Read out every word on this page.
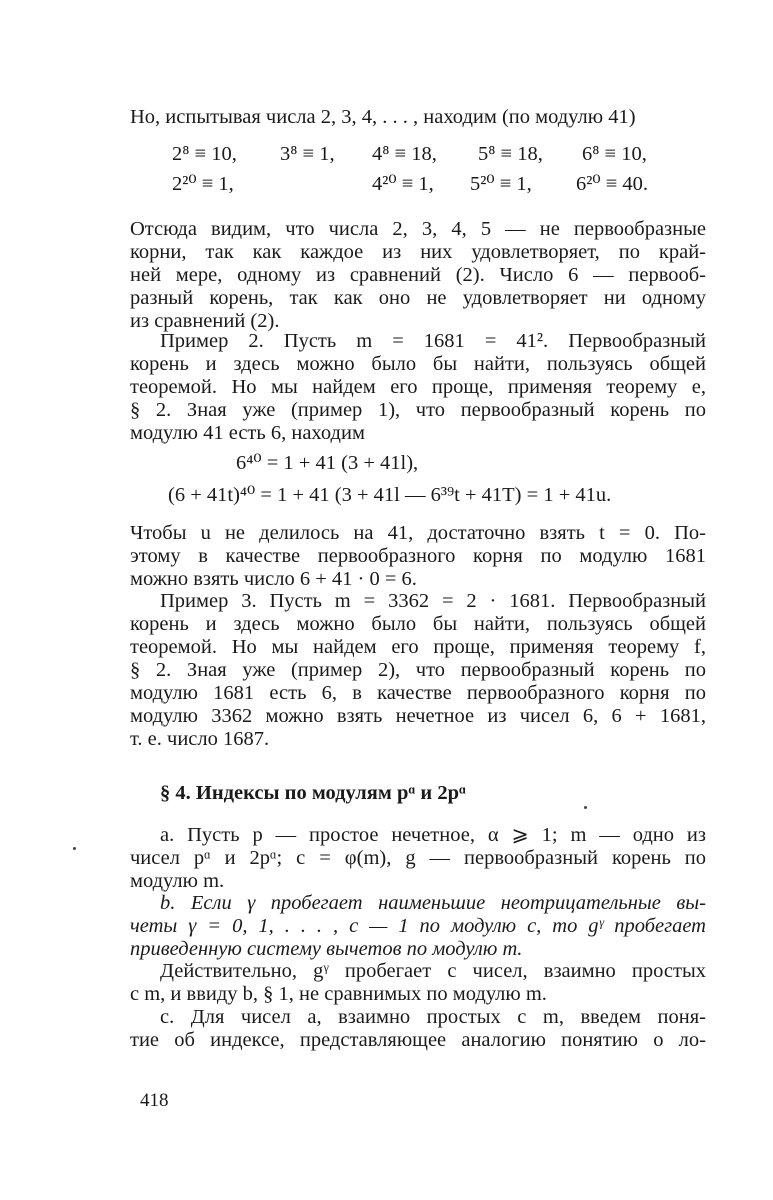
Но, испытывая числа 2, 3, 4, . . . , находим (по модулю 41)
2⁸ ≡ 10, 3⁸ ≡ 1, 4⁸ ≡ 18, 5⁸ ≡ 18, 6⁸ ≡ 10,
2²⁰ ≡ 1,	4²⁰ ≡ 1, 5²⁰ ≡ 1, 6²⁰ ≡ 40.
Отсюда видим, что числа 2, 3, 4, 5 — не первообразные
корни, так как каждое из них удовлетворяет, по край-
ней мере, одному из сравнений (2). Число 6 — первооб-
разный корень, так как оно не удовлетворяет ни одному
из сравнений (2).
Пример 2. Пусть m = 1681 = 41². Первообразный
корень и здесь можно было бы найти, пользуясь общей
теоремой. Но мы найдем его проще, применяя теорему e,
§ 2. Зная уже (пример 1), что первообразный корень по
модулю 41 есть 6, находим
6⁴⁰ = 1 + 41 (3 + 41l),
(6 + 41t)⁴⁰ = 1 + 41 (3 + 41l — 6³⁹t + 41T) = 1 + 41u.
Чтобы u не делилось на 41, достаточно взять t = 0. По-
этому в качестве первообразного корня по модулю 1681
можно взять число 6 + 41 · 0 = 6.
Пример 3. Пусть m = 3362 = 2 · 1681. Первообразный
корень и здесь можно было бы найти, пользуясь общей
теоремой. Но мы найдем его проще, применяя теорему f,
§ 2. Зная уже (пример 2), что первообразный корень по
модулю 1681 есть 6, в качестве первообразного корня по
модулю 3362 можно взять нечетное из чисел 6, 6 + 1681,
т. е. число 1687.
§ 4. Индексы по модулям pᵅ и 2pᵅ
a. Пусть p — простое нечетное, α ⩾ 1; m — одно из
чисел pᵅ и 2pᵅ; c = φ(m), g — первообразный корень по
модулю m.
b. Если γ пробегает наименьшие неотрицательные вы-
четы γ = 0, 1, . . . , c — 1 по модулю c, то gᵞ пробегает
приведенную систему вычетов по модулю m.
Действительно, gᵞ пробегает c чисел, взаимно простых
с m, и ввиду b, § 1, не сравнимых по модулю m.
c. Для чисел a, взаимно простых с m, введем поня-
тие об индексе, представляющее аналогию понятию о ло-
418
